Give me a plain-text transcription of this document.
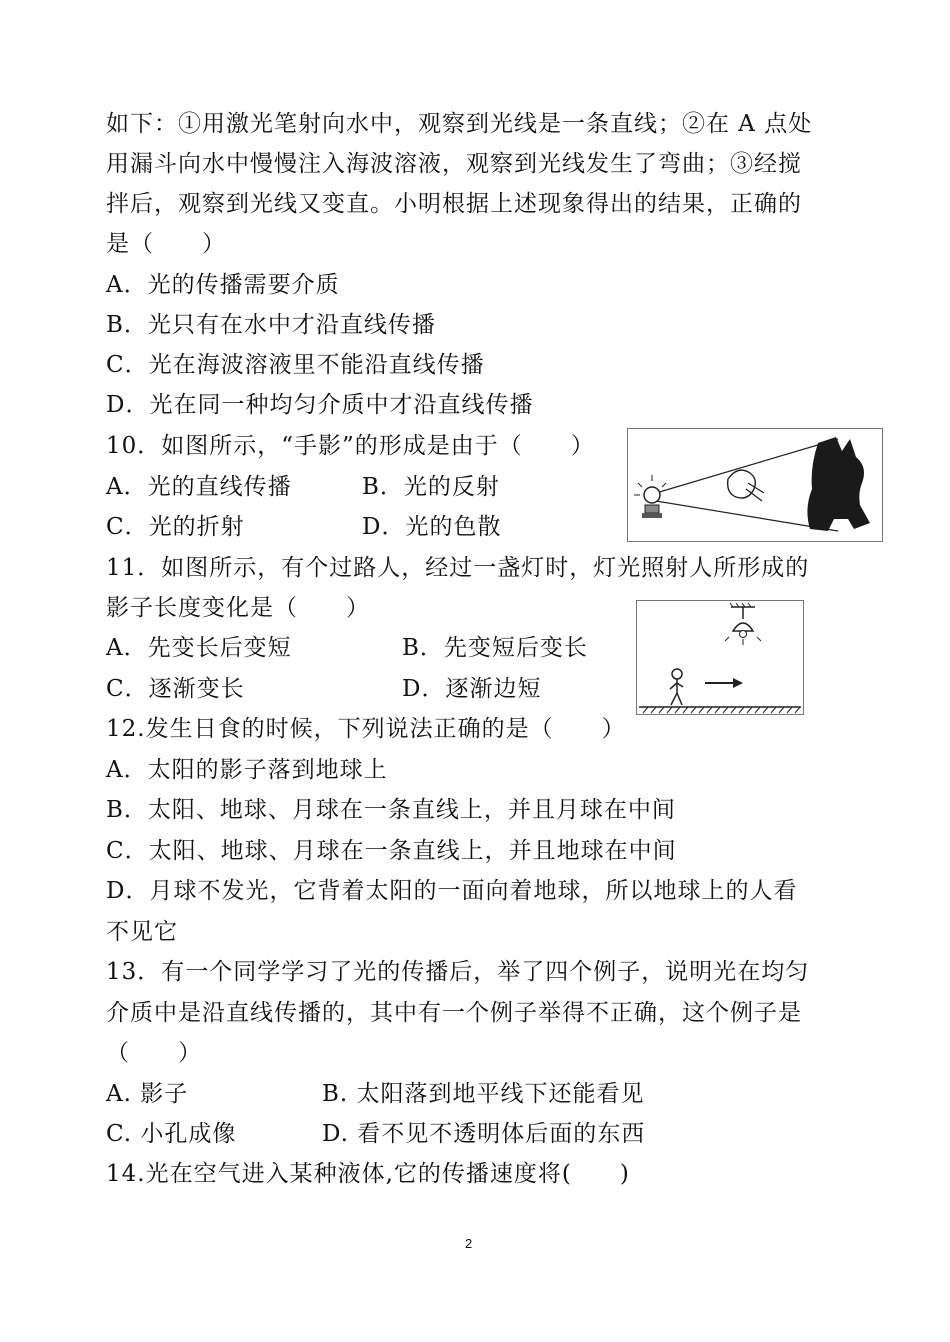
如下：①用激光笔射向水中，观察到光线是一条直线；②在 A 点处
用漏斗向水中慢慢注入海波溶液，观察到光线发生了弯曲；③经搅
拌后，观察到光线又变直。小明根据上述现象得出的结果，正确的
是（　　）
A．光的传播需要介质
B．光只有在水中才沿直线传播
C．光在海波溶液里不能沿直线传播
D．光在同一种均匀介质中才沿直线传播
10．如图所示，“手影”的形成是由于（　　）
A．光的直线传播	B．光的反射
C．光的折射	D．光的色散
11．如图所示，有个过路人，经过一盏灯时，灯光照射人所形成的
影子长度变化是（　　）
A．先变长后变短	B．先变短后变长
C．逐渐变长	D．逐渐边短
12.发生日食的时候，下列说法正确的是（　　）
A．太阳的影子落到地球上
B．太阳、地球、月球在一条直线上，并且月球在中间
C．太阳、地球、月球在一条直线上，并且地球在中间
D．月球不发光，它背着太阳的一面向着地球，所以地球上的人看
不见它
13．有一个同学学习了光的传播后，举了四个例子，说明光在均匀
介质中是沿直线传播的，其中有一个例子举得不正确，这个例子是
（　　）
A. 影子	B. 太阳落到地平线下还能看见
C. 小孔成像	D. 看不见不透明体后面的东西
14.光在空气进入某种液体,它的传播速度将(　　)
2
